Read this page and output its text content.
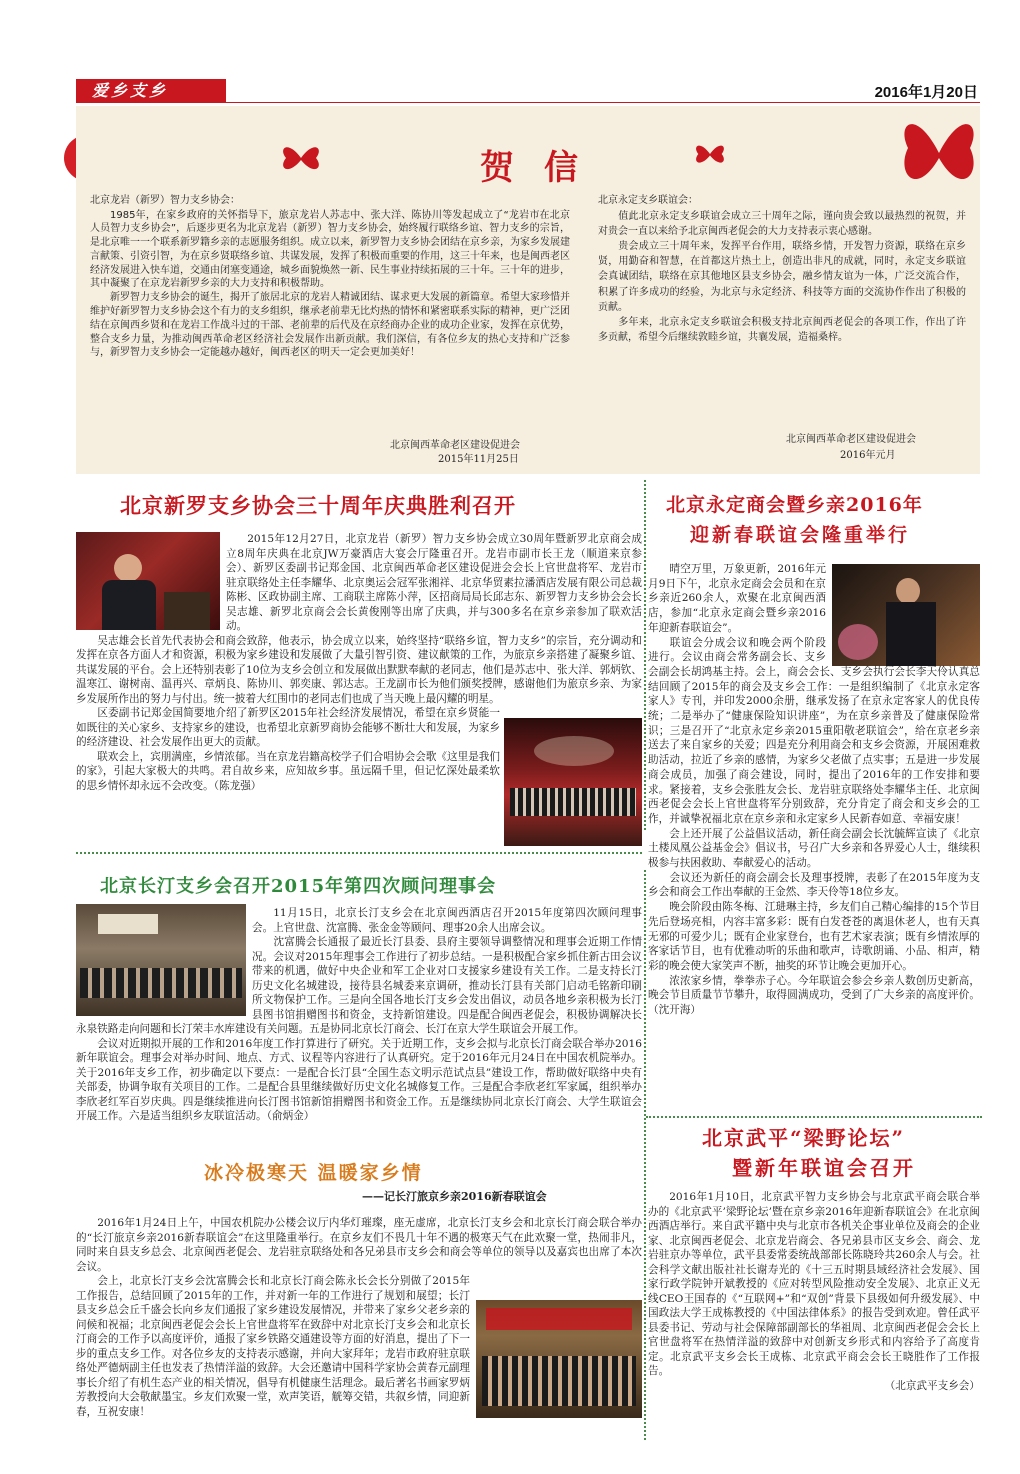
爱乡支乡	2016年1月20日
贺信

北京龙岩（新罗）智力支乡协会：

1985年，在家乡政府的关怀指导下，旅京龙岩人苏志中、张大洋、陈协川等发起成立了“龙岩市在北京人员智力支乡协会”，后逐步更名为北京龙岩（新罗）智力支乡协会，始终履行联络乡谊、智力支乡的宗旨，是北京唯一一个联系新罗籍乡亲的志愿服务组织。成立以来，新罗智力支乡协会团结在京乡亲，为家乡发展建言献策、引资引智，为在京乡贤联络乡谊、共谋发展，发挥了积极而重要的作用，这三十年来，也是闽西老区经济发展进入快车道，交通由闭塞变通途，城乡面貌焕然一新、民生事业持续拓展的三十年。三十年的进步，其中凝聚了在京龙岩新罗乡亲的大力支持和积极帮助。

新罗智力支乡协会的诞生，揭开了旅居北京的龙岩人精诚团结、谋求更大发展的新篇章。希望大家珍惜并维护好新罗智力支乡协会这个有力的支乡组织，继承老前辈无比灼热的情怀和紧密联系实际的精神，更广泛团结在京闽西乡贤和在龙岩工作战斗过的干部、老前辈的后代及在京经商办企业的成功企业家，发挥在京优势，整合支乡力量，为推动闽西革命老区经济社会发展作出新贡献。我们深信，有各位乡友的热心支持和广泛参与，新罗智力支乡协会一定能越办越好，闽西老区的明天一定会更加美好！

北京闽西革命老区建设促进会
2015年11月25日

北京永定支乡联谊会：

值此北京永定支乡联谊会成立三十周年之际，谨向贵会致以最热烈的祝贺，并对贵会一直以来给予北京闽西老促会的大力支持表示衷心感谢。

贵会成立三十周年来，发挥平台作用，联络乡情，开发智力资源，联络在京乡贤，用勤奋和智慧，在首都这片热土上，创造出非凡的成就，同时，永定支乡联谊会真诚团结，联络在京其他地区县支乡协会，融乡情友谊为一体，广泛交流合作，积累了许多成功的经验，为北京与永定经济、科技等方面的交流协作作出了积极的贡献。

多年来，北京永定支乡联谊会积极支持北京闽西老促会的各项工作，作出了许多贡献，希望今后继续敦睦乡谊，共襄发展，造福桑梓。

北京闽西革命老区建设促进会
2016年元月
北京新罗支乡协会三十周年庆典胜利召开

2015年12月27日，北京龙岩（新罗）智力支乡协会成立30周年暨新罗北京商会成立8周年庆典在北京JW万豪酒店大宴会厅隆重召开。龙岩市副市长王龙（顺道来京参会）、新罗区委副书记郑金国、北京闽西革命老区建设促进会会长上官世盘将军、龙岩市驻京联络处主任李耀华、北京奥运会冠军张湘祥、北京华贸素拉潘酒店发展有限公司总裁陈彬、区政协副主席、工商联主席陈小萍，区招商局局长邱志东、新罗智力支乡协会会长吴志雄、新罗北京商会会长黄俊刚等出席了庆典，并与300多名在京乡亲参加了联欢活动。

吴志雄会长首先代表协会和商会致辞，他表示，协会成立以来，始终坚持“联络乡谊，智力支乡”的宗旨，充分调动和发挥在京各方面人才和资源，积极为家乡建设和发展做了大量引智引资、建议献策的工作，为旅京乡亲搭建了凝聚乡谊、共谋发展的平台。会上还特别表彰了10位为支乡会创立和发展做出默默奉献的老同志，他们是苏志中、张大洋、郭炳钦、温寒江、谢树南、温再兴、章炳良、陈协川、郭奕康、郭达志。王龙副市长为他们颁奖授牌，感谢他们为旅京乡亲、为家乡发展所作出的努力与付出。统一披着大红围巾的老同志们也成了当天晚上最闪耀的明星。

区委副书记郑金国简要地介绍了新罗区2015年社会经济发展情况，希望在京乡贤能一如既往的关心家乡、支持家乡的建设，也希望北京新罗商协会能够不断壮大和发展，为家乡的经济建设、社会发展作出更大的贡献。

联欢会上，宾朋满座，乡情浓郁。当在京龙岩籍高校学子们合唱协会会歌《这里是我们的家》，引起大家极大的共鸣。君自故乡来，应知故乡事。虽远隔千里，但记忆深处最柔软的思乡情怀却永远不会改变。（陈龙强）

北京长汀支乡会召开2015年第四次顾问理事会

11月15日，北京长汀支乡会在北京闽西酒店召开2015年度第四次顾问理事会。上官世盘、沈富腾、张金金等顾问、理事20余人出席会议。

沈富腾会长通报了最近长汀县委、县府主要领导调整情况和理事会近期工作情况。会议对2015年理事会工作进行了初步总结。一是积极配合家乡抓住新古田会议带来的机遇，做好中央企业和军工企业对口支援家乡建设有关工作。二是支持长汀历史文化名城建设，接待县名城委来京调研，推动长汀县有关部门启动毛铭新印刷所文物保护工作。三是向全国各地长汀支乡会发出倡议，动员各地乡亲积极为长汀县图书馆捐赠图书和资金，支持新馆建设。四是配合闽西老促会，积极协调解决长永泉铁路走向问题和长汀荣丰水库建设有关问题。五是协同北京长汀商会、长汀在京大学生联谊会开展工作。

会议对近期拟开展的工作和2016年度工作打算进行了研究。关于近期工作，支乡会拟与北京长汀商会联合举办2016新年联谊会。理事会对举办时间、地点、方式、议程等内容进行了认真研究。定于2016年元月24日在中国农机院举办。关于2016年支乡工作，初步确定以下要点：一是配合长汀县“全国生态文明示范试点县”建设工作，帮助做好联络中央有关部委，协调争取有关项目的工作。二是配合县里继续做好历史文化名城修复工作。三是配合李欣老红军家属，组织举办李欣老红军百岁庆典。四是继续推进向长汀图书馆新馆捐赠图书和资金工作。五是继续协同北京长汀商会、大学生联谊会开展工作。六是适当组织乡友联谊活动。（俞炳金）

冰冷极寒天 温暖家乡情
——记长汀旅京乡亲2016新春联谊会

2016年1月24日上午，中国农机院办公楼会议厅内华灯璀璨，座无虚席，北京长汀支乡会和北京长汀商会联合举办的“长汀旅京乡亲2016新春联谊会”在这里隆重举行。在京乡友们不畏几十年不遇的极寒天气在此欢聚一堂，热闹非凡，同时来自县支乡总会、北京闽西老促会、龙岩驻京联络处和各兄弟县市支乡会和商会等单位的领导以及嘉宾也出席了本次会议。

会上，北京长汀支乡会沈富腾会长和北京长汀商会陈永长会长分别做了2015年工作报告，总结回顾了2015年的工作，并对新一年的工作进行了规划和展望；长汀县支乡总会丘千盛会长向乡友们通报了家乡建设发展情况，并带来了家乡父老乡亲的问候和祝福；北京闽西老促会会长上官世盘将军在致辞中对北京长汀支乡会和北京长汀商会的工作予以高度评价，通报了家乡铁路交通建设等方面的好消息，提出了下一步的重点支乡工作。对各位乡友的支持表示感谢，并向大家拜年；龙岩市政府驻京联络处严德炳副主任也发表了热情洋溢的致辞。大会还邀请中国科学家协会黄春元副理事长介绍了有机生态产业的相关情况，倡导有机健康生活理念。最后著名书画家罗炳芳教授向大会敬献墨宝。乡友们欢聚一堂，欢声笑语，觥筹交错，共叙乡情，同迎新春，互祝安康！

北京永定商会暨乡亲2016年
迎新春联谊会隆重举行

晴空万里，万象更新，2016年元月9日下午，北京永定商会会员和在京乡亲近260余人，欢聚在北京闽西酒店，参加“北京永定商会暨乡亲2016年迎新春联谊会”。

联谊会分成会议和晚会两个阶段进行。会议由商会常务副会长、支乡会副会长胡鸿基主持。会上，商会会长、支乡会执行会长李天伶认真总结回顾了2015年的商会及支乡会工作：一是组织编制了《北京永定客家人》专刊，并印发2000余册，继承发扬了在京永定客家人的优良传统；二是举办了“健康保险知识讲座”，为在京乡亲普及了健康保险常识；三是召开了“北京永定乡亲2015重阳敬老联谊会”，给在京老乡亲送去了来自家乡的关爱；四是充分利用商会和支乡会资源，开展困难救助活动，拉近了乡亲的感情，为家乡父老做了点实事；五是进一步发展商会成员，加强了商会建设，同时，提出了2016年的工作安排和要求。紧接着，支乡会张胜友会长、龙岩驻京联络处李耀华主任、北京闽西老促会会长上官世盘将军分别致辞，充分肯定了商会和支乡会的工作，并诚挚祝福北京在京乡亲和永定家乡人民新春如意、幸福安康！

会上还开展了公益倡议活动，新任商会副会长沈毓辉宣读了《北京土楼凤凰公益基金会》倡议书，号召广大乡亲和各界爱心人士，继续积极参与扶困救助、奉献爱心的活动。

会议还为新任的商会副会长及理事授牌，表彰了在2015年度为支乡会和商会工作出奉献的王金然、李天伶等18位乡友。

晚会阶段由陈冬梅、江琎琳主持，乡友们自己精心编排的15个节目先后登场亮相，内容丰富多彩：既有白发苍苍的离退休老人，也有天真无邪的可爱少儿；既有企业家登台，也有艺术家表演；既有乡情浓厚的客家话节目，也有优雅动听的乐曲和歌声，诗歌朗诵、小品、相声，精彩的晚会使大家笑声不断，抽奖的环节让晚会更加开心。

浓浓家乡情，拳拳赤子心。今年联谊会参会乡亲人数创历史新高，晚会节目质量节节攀升，取得圆满成功，受到了广大乡亲的高度评价。（沈开海）

北京武平“梁野论坛”
暨新年联谊会召开

2016年1月10日，北京武平智力支乡协会与北京武平商会联合举办的《北京武平’梁野论坛’暨在京乡亲2016年迎新春联谊会》在北京闽西酒店举行。来自武平籍中央与北京市各机关企事业单位及商会的企业家、北京闽西老促会、北京龙岩商会、各兄弟县市区支乡会、商会、龙岩驻京办等单位，武平县委常委统战部部长陈晓玲共260余人与会。社会科学文献出版社社长谢寿光的《十三五时期县域经济社会发展》、国家行政学院钟开斌教授的《应对转型风险推动安全发展》、北京正义无线CEO王国春的《“互联网+”和“双创”背景下县级如何升级发展》、中国政法大学王成栋教授的《中国法律体系》的报告受到欢迎。曾任武平县委书记、劳动与社会保障部副部长的华祖周、北京闽西老促会会长上官世盘将军在热情洋溢的致辞中对创新支乡形式和内容给予了高度肯定。北京武平支乡会长王成栋、北京武平商会会长王晓胜作了工作报告。

（北京武平支乡会）
